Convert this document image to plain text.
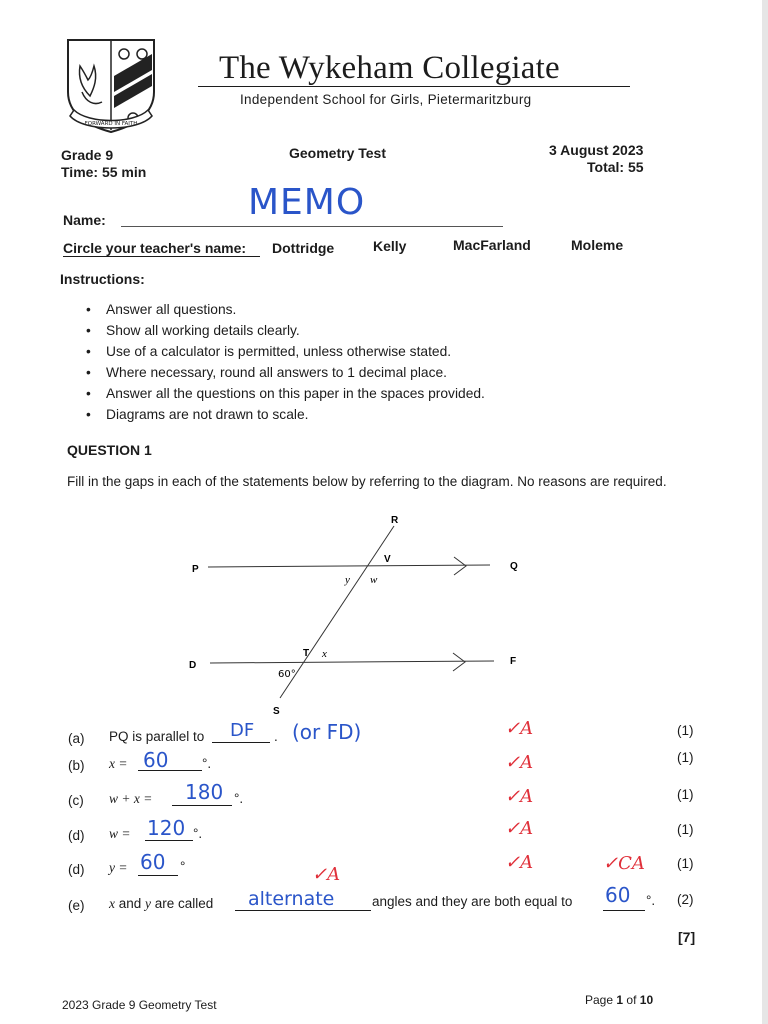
FORWARD IN FAITH
The Wykeham Collegiate
Independent School for Girls, Pietermaritzburg
Grade 9
Time: 55 min
Geometry Test	3 August 2023
Total: 55
Name:	MEMO
Circle your teacher's name: Dottridge	Kelly	MacFarland	Moleme
Instructions:
• Answer all questions.
• Show all working details clearly.
• Use of a calculator is permitted, unless otherwise stated.
• Where necessary, round all answers to 1 decimal place.
• Answer all the questions on this paper in the spaces provided.
• Diagrams are not drawn to scale.
QUESTION 1
Fill in the gaps in each of the statements below by referring to the diagram. No reasons are required.
R
P	Q
V
T
D	F
S
y w
x
60°
(a) PQ is parallel to DF . (or FD)	✓A	(1)
(b) x = 60 °.	✓A	(1)
(c) w + x = 180 °.	✓A	(1)
(d) w = 120 °.	✓A	(1)
(d) y = 60 °	✓A	✓CA (1)
(e) x and y are called alternate	angles and they are both equal to 60 °.
✓A
(2)
[7]
2023 Grade 9 Geometry Test	Page 1 of 10
